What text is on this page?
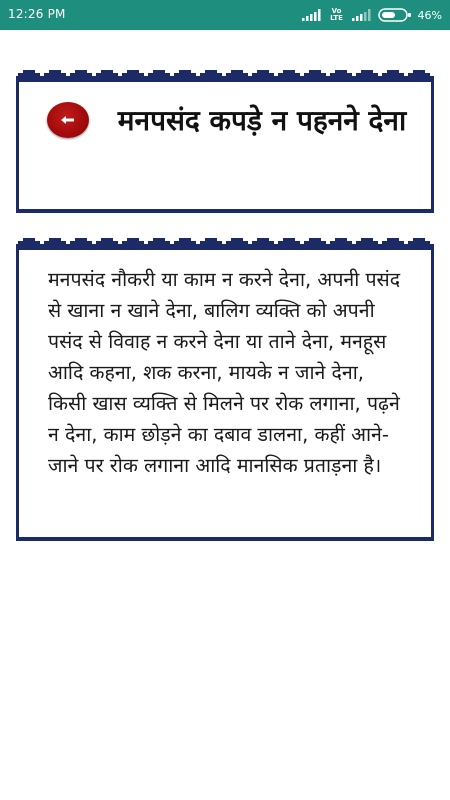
12:26 PM	Vo LTE	46%
मनपसंद कपड़े न पहनने देना
मनपसंद नौकरी या काम न करने देना, अपनी पसंद से खाना न खाने देना, बालिग व्यक्ति को अपनी पसंद से विवाह न करने देना या ताने देना, मनहूस आदि कहना, शक करना, मायके न जाने देना, किसी खास व्यक्ति से मिलने पर रोक लगाना, पढ़ने न देना, काम छोड़ने का दबाव डालना, कहीं आने-जाने पर रोक लगाना आदि मानसिक प्रताड़ना है।
